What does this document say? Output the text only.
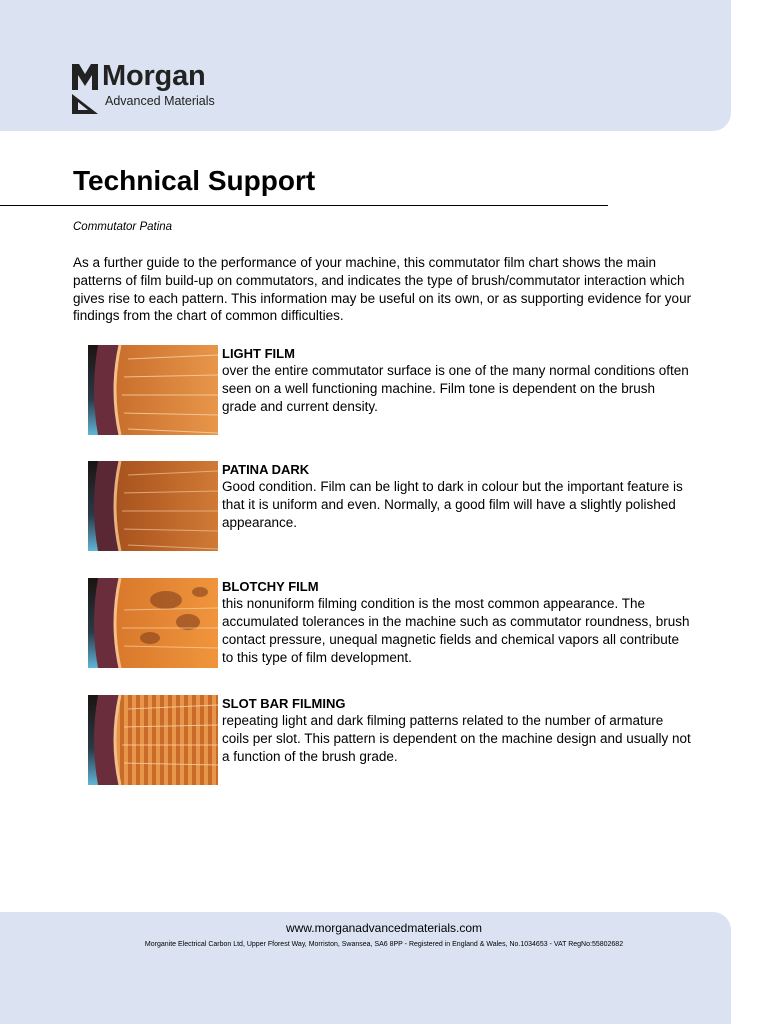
Morgan
Advanced Materials
Technical Support
Commutator Patina

As a further guide to the performance of your machine, this commutator film chart shows the main patterns of film build-up on commutators, and indicates the type of brush/commutator interaction which gives rise to each pattern. This information may be useful on its own, or as supporting evidence for your findings from the chart of common difficulties.

LIGHT FILM

over the entire commutator surface is one of the many normal conditions often seen on a well functioning machine. Film tone is dependent on the brush grade and current density.

PATINA DARK

Good condition. Film can be light to dark in colour but the important feature is that it is uniform and even. Normally, a good film will have a slightly polished appearance.

BLOTCHY FILM

this nonuniform filming condition is the most common appearance. The accumulated tolerances in the machine such as commutator roundness, brush contact pressure, unequal magnetic fields and chemical vapors all contribute to this type of film development.

SLOT BAR FILMING

repeating light and dark filming patterns related to the number of armature coils per slot. This pattern is dependent on the machine design and usually not a function of the brush grade.

www.morganadvancedmaterials.com
Morganite Electrical Carbon Ltd, Upper Fforest Way, Morriston, Swansea, SA6 8PP - Registered in England & Wales, No.1034653 - VAT RegNo:55802682
